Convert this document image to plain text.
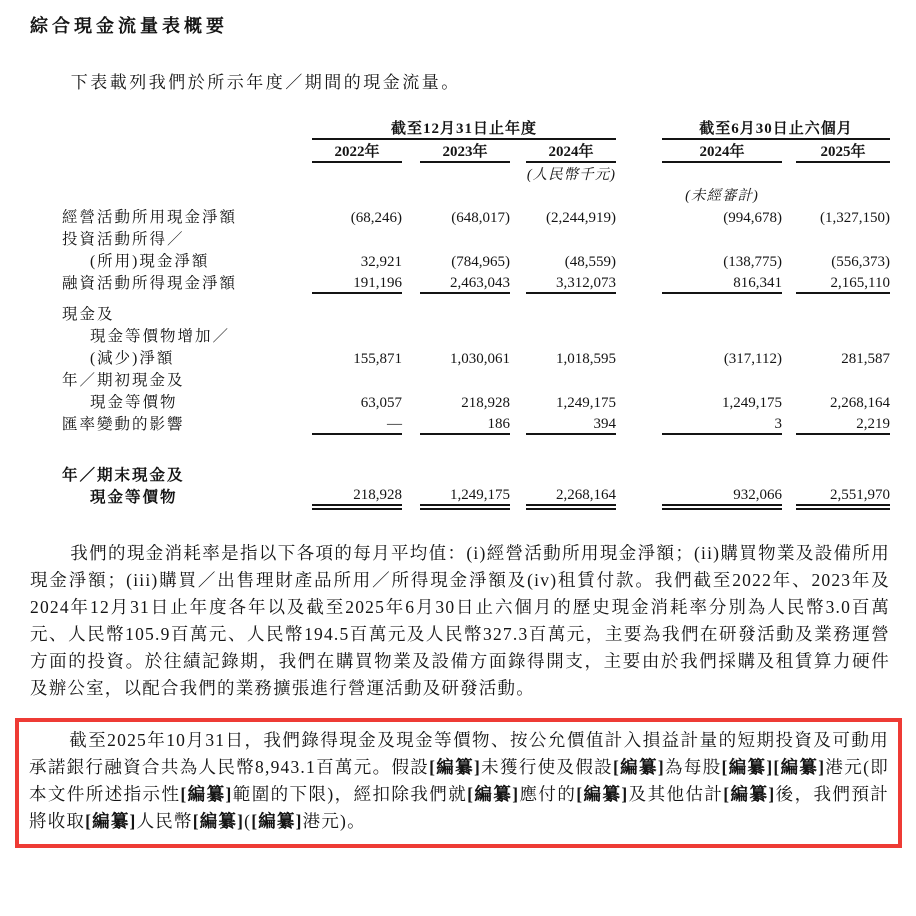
綜合現金流量表概要

下表載列我們於所示年度／期間的現金流量。

	截至12月31日止年度						截至6月30日止六個月		
	2022年		2023年		2024年		2024年		2025年
(人民幣千元)									
							(未經審計)		
經營活動所用現金淨額	(68,246)		(648,017)		(2,244,919)		(994,678)		(1,327,150)
投資活動所得／									
(所用)現金淨額	32,921		(784,965)		(48,559)		(138,775)		(556,373)
融資活動所得現金淨額	191,196		2,463,043		3,312,073		816,341		2,165,110

現金及									
現金等價物增加／									
(減少)淨額	155,871		1,030,061		1,018,595		(317,112)		281,587
年／期初現金及									
現金等價物	63,057		218,928		1,249,175		1,249,175		2,268,164
匯率變動的影響	—		186		394		3		2,219

年／期末現金及									
現金等價物	218,928		1,249,175		2,268,164		932,066		2,551,970

我們的現金消耗率是指以下各項的每月平均值：(i)經營活動所用現金淨額；(ii)購買物業及設備所用現金淨額；(iii)購買／出售理財產品所用／所得現金淨額及(iv)租賃付款。我們截至2022年、2023年及2024年12月31日止年度各年以及截至2025年6月30日止六個月的歷史現金消耗率分別為人民幣3.0百萬元、人民幣105.9百萬元、人民幣194.5百萬元及人民幣327.3百萬元，主要為我們在研發活動及業務運營方面的投資。於往績記錄期，我們在購買物業及設備方面錄得開支，主要由於我們採購及租賃算力硬件及辦公室，以配合我們的業務擴張進行營運活動及研發活動。

截至2025年10月31日，我們錄得現金及現金等價物、按公允價值計入損益計量的短期投資及可動用承諾銀行融資合共為人民幣8,943.1百萬元。假設[編纂]未獲行使及假設[編纂]為每股[編纂][編纂]港元(即本文件所述指示性[編纂]範圍的下限)，經扣除我們就[編纂]應付的[編纂]及其他估計[編纂]後，我們預計將收取[編纂]人民幣[編纂]([編纂]港元)。
